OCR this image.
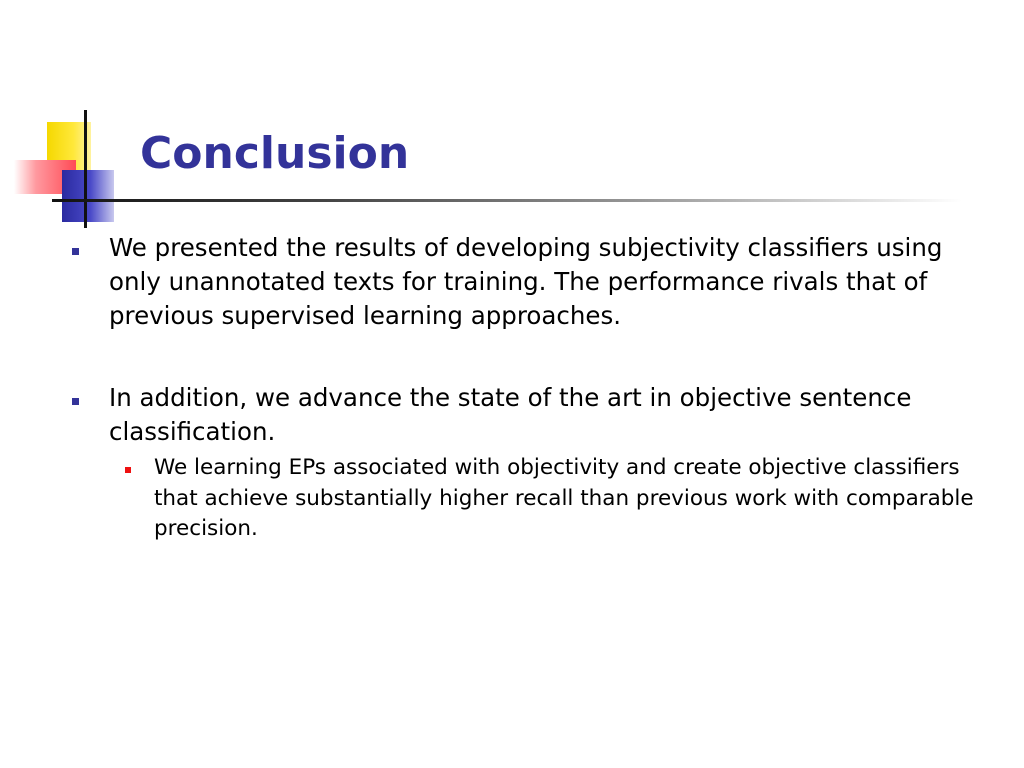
Conclusion
We presented the results of developing subjectivity classifiers using only unannotated texts for training. The performance rivals that of previous supervised learning approaches.
In addition, we advance the state of the art in objective sentence classification.
We learning EPs associated with objectivity and create objective classifiers that achieve substantially higher recall than previous work with comparable precision.
